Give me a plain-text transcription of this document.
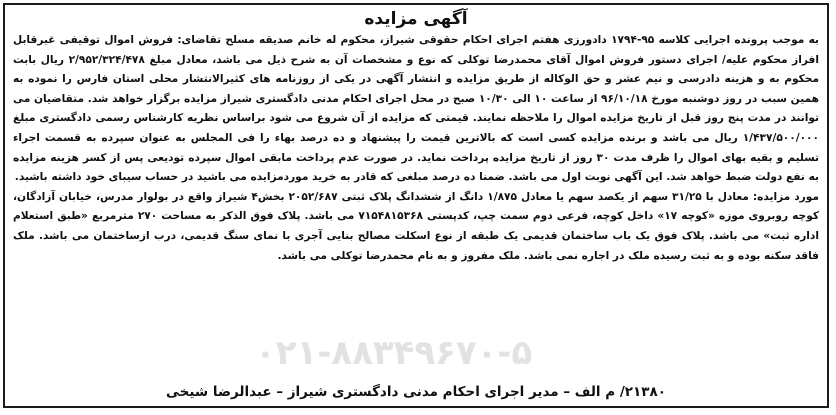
آگهی مزایده

به موجب پرونده اجرایی کلاسه ۹۵-۱۷۹۴ دادورزی هفتم اجرای احکام حقوقی شیراز، محکوم له خانم صدیقه مسلح تقاضای: فروش اموال توقیفی غیرقابل افراز محکوم علیه/ اجرای دستور فروش اموال آقای محمدرضا توکلی که نوع و مشخصات آن به شرح ذیل می باشد، معادل مبلغ ۲/۹۵۲/۳۲۴/۴۷۸ ریال بابت محکوم به و هزینه دادرسی و نیم عشر و حق الوکاله از طریق مزایده و انتشار آگهی در یکی از روزنامه های کثیرالانتشار محلی استان فارس را نموده به همین سبب در روز دوشنبه مورخ ۹۶/۱۰/۱۸ از ساعت ۱۰ الی ۱۰/۳۰ صبح در محل اجرای احکام مدنی دادگستری شیراز مزایده برگزار خواهد شد. متقاضیان می توانند در مدت پنج روز قبل از تاریخ مزایده اموال را ملاحظه نمایند. قیمتی که مزایده از آن شروع می شود براساس نظریه کارشناس رسمی دادگستری مبلغ ۱/۴۳۷/۵۰۰/۰۰۰ ریال می باشد و برنده مزایده کسی است که بالاترین قیمت را پیشنهاد و ده درصد بهاء را فی المجلس به عنوان سپرده به قسمت اجراء تسلیم و بقیه بهای اموال را ظرف مدت ۳۰ روز از تاریخ مزایده پرداخت نماید. در صورت عدم پرداخت مابقی اموال سپرده تودیعی پس از کسر هزینه مزایده به نفع دولت ضبط خواهد شد. این آگهی نوبت اول می باشد. ضمنا ده درصد مبلغی که قادر به خرید موردمزایده می باشید در حساب سیبای خود داشته باشید.

مورد مزایده: معادل با ۳۱/۲۵ سهم از یکصد سهم یا معادل ۱/۸۷۵ دانگ از ششدانگ پلاک ثبتی ۲۰۵۲/۶۸۷ بخش۴ شیراز واقع در بولوار مدرس، خیابان آزادگان، کوچه روبروی موزه «کوچه ۱۷» داخل کوچه، فرعی دوم سمت چپ، کدپستی ۷۱۵۴۸۱۵۳۶۸ می باشد. پلاک فوق الذکر به مساحت ۲۷۰ مترمربع «طبق استعلام اداره ثبت» می باشد. پلاک فوق یک باب ساختمان قدیمی یک طبقه از نوع اسکلت مصالح بنایی آجری با نمای سنگ قدیمی، درب ازساختمان می باشد. ملک فاقد سکنه بوده و به ثبت رسیده ملک در اجاره نمی باشد. ملک مفروز و به نام محمدرضا توکلی می باشد.

۰۲۱-۸۸۳۴۹۶۷۰-۵
۲۱۳۸۰/ م الف – مدیر اجرای احکام مدنی دادگستری شیراز – عبدالرضا شیخی
